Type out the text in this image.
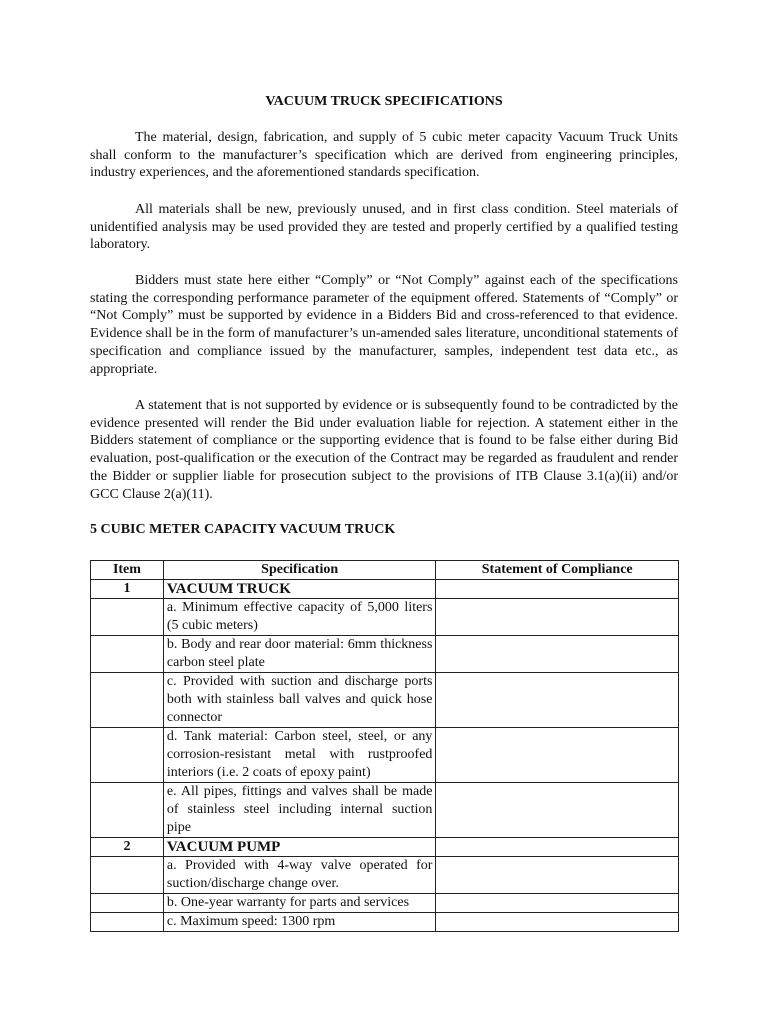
VACUUM TRUCK SPECIFICATIONS

The material, design, fabrication, and supply of 5 cubic meter capacity Vacuum Truck Units shall conform to the manufacturer’s specification which are derived from engineering principles, industry experiences, and the aforementioned standards specification.

All materials shall be new, previously unused, and in first class condition. Steel materials of unidentified analysis may be used provided they are tested and properly certified by a qualified testing laboratory.

Bidders must state here either “Comply” or “Not Comply” against each of the specifications stating the corresponding performance parameter of the equipment offered. Statements of “Comply” or “Not Comply” must be supported by evidence in a Bidders Bid and cross-referenced to that evidence. Evidence shall be in the form of manufacturer’s un-amended sales literature, unconditional statements of specification and compliance issued by the manufacturer, samples, independent test data etc., as appropriate.

A statement that is not supported by evidence or is subsequently found to be contradicted by the evidence presented will render the Bid under evaluation liable for rejection. A statement either in the Bidders statement of compliance or the supporting evidence that is found to be false either during Bid evaluation, post-qualification or the execution of the Contract may be regarded as fraudulent and render the Bidder or supplier liable for prosecution subject to the provisions of ITB Clause 3.1(a)(ii) and/or GCC Clause 2(a)(11).

5 CUBIC METER CAPACITY VACUUM TRUCK
Item	Specification	Statement of Compliance
1	VACUUM TRUCK	
	a. Minimum effective capacity of 5,000 liters (5 cubic meters)	
	b. Body and rear door material: 6mm thickness carbon steel plate	
	c. Provided with suction and discharge ports both with stainless ball valves and quick hose connector	
	d. Tank material: Carbon steel, steel, or any corrosion-resistant metal with rustproofed interiors (i.e. 2 coats of epoxy paint)	
	e. All pipes, fittings and valves shall be made of stainless steel including internal suction pipe	
2	VACUUM PUMP	
	a. Provided with 4-way valve operated for suction/discharge change over.	
	b. One-year warranty for parts and services	
	c. Maximum speed: 1300 rpm	
